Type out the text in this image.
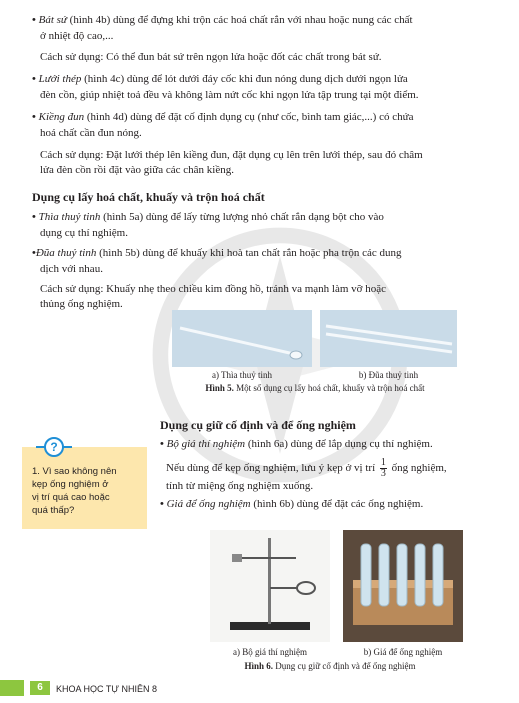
• Bát sứ (hình 4b) dùng để đựng khi trộn các hoá chất rắn với nhau hoặc nung các chất
ở nhiệt độ cao,...
Cách sử dụng: Có thể đun bát sứ trên ngọn lửa hoặc đốt các chất trong bát sứ.
• Lưới thép (hình 4c) dùng để lót dưới đáy cốc khi đun nóng dung dịch dưới ngọn lửa
đèn cồn, giúp nhiệt toả đều và không làm nứt cốc khi ngọn lửa tập trung tại một điểm.
• Kiềng đun (hình 4d) dùng để đặt cố định dụng cụ (như cốc, bình tam giác,...) có chứa
hoá chất cần đun nóng.
Cách sử dụng: Đặt lưới thép lên kiềng đun, đặt dụng cụ lên trên lưới thép, sau đó châm
lửa đèn cồn rồi đặt vào giữa các chân kiềng.
Dụng cụ lấy hoá chất, khuấy và trộn hoá chất
• Thìa thuỷ tinh (hình 5a) dùng để lấy từng lượng nhỏ chất rắn dạng bột cho vào
dụng cụ thí nghiệm.
•Đũa thuỷ tinh (hình 5b) dùng để khuấy khi hoà tan chất rắn hoặc pha trộn các dung
dịch với nhau.
Cách sử dụng: Khuấy nhẹ theo chiều kim đồng hồ, tránh va mạnh làm vỡ hoặc
thủng ống nghiệm.
a) Thìa thuỷ tinh	b) Đũa thuỷ tinh
Hình 5. Một số dụng cụ lấy hoá chất, khuấy và trộn hoá chất
Dụng cụ giữ cố định và để ống nghiệm
• Bộ giá thí nghiệm (hình 6a) dùng để lắp dụng cụ thí nghiệm.
Nếu dùng để kẹp ống nghiệm, lưu ý kẹp ở vị trí $\frac{1}{3}$ ống nghiệm,
tính từ miệng ống nghiệm xuống.
• Giá để ống nghiệm (hình 6b) dùng để đặt các ống nghiệm.
1. Vì sao không nên
kẹp ống nghiệm ở
vị trí quá cao hoặc
quá thấp?
?
a) Bộ giá thí nghiệm	b) Giá để ống nghiệm
Hình 6. Dụng cụ giữ cố định và để ống nghiệm
6	KHOA HỌC TỰ NHIÊN 8
